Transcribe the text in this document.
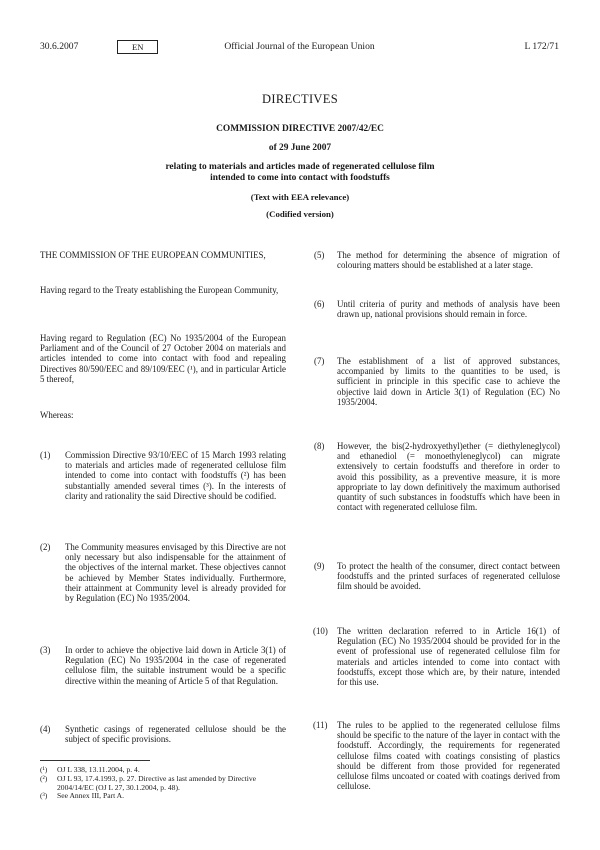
30.6.2007	EN	Official Journal of the European Union	L 172/71
DIRECTIVES
COMMISSION DIRECTIVE 2007/42/EC
of 29 June 2007
relating to materials and articles made of regenerated cellulose film intended to come into contact with foodstuffs
(Text with EEA relevance)
(Codified version)
THE COMMISSION OF THE EUROPEAN COMMUNITIES,
Having regard to the Treaty establishing the European Community,
Having regard to Regulation (EC) No 1935/2004 of the European Parliament and of the Council of 27 October 2004 on materials and articles intended to come into contact with food and repealing Directives 80/590/EEC and 89/109/EEC (¹), and in particular Article 5 thereof,
Whereas:
(1) Commission Directive 93/10/EEC of 15 March 1993 relating to materials and articles made of regenerated cellulose film intended to come into contact with foodstuffs (²) has been substantially amended several times (³). In the interests of clarity and rationality the said Directive should be codified.
(2) The Community measures envisaged by this Directive are not only necessary but also indispensable for the attainment of the objectives of the internal market. These objectives cannot be achieved by Member States individually. Furthermore, their attainment at Community level is already provided for by Regulation (EC) No 1935/2004.
(3) In order to achieve the objective laid down in Article 3(1) of Regulation (EC) No 1935/2004 in the case of regenerated cellulose film, the suitable instrument would be a specific directive within the meaning of Article 5 of that Regulation.
(4) Synthetic casings of regenerated cellulose should be the subject of specific provisions.
(5) The method for determining the absence of migration of colouring matters should be established at a later stage.
(6) Until criteria of purity and methods of analysis have been drawn up, national provisions should remain in force.
(7) The establishment of a list of approved substances, accompanied by limits to the quantities to be used, is sufficient in principle in this specific case to achieve the objective laid down in Article 3(1) of Regulation (EC) No 1935/2004.
(8) However, the bis(2-hydroxyethyl)ether (= diethyleneglycol) and ethanediol (= monoethyleneglycol) can migrate extensively to certain foodstuffs and therefore in order to avoid this possibility, as a preventive measure, it is more appropriate to lay down definitively the maximum authorised quantity of such substances in foodstuffs which have been in contact with regenerated cellulose film.
(9) To protect the health of the consumer, direct contact between foodstuffs and the printed surfaces of regenerated cellulose film should be avoided.
(10) The written declaration referred to in Article 16(1) of Regulation (EC) No 1935/2004 should be provided for in the event of professional use of regenerated cellulose film for materials and articles intended to come into contact with foodstuffs, except those which are, by their nature, intended for this use.
(11) The rules to be applied to the regenerated cellulose films should be specific to the nature of the layer in contact with the foodstuff. Accordingly, the requirements for regenerated cellulose films coated with coatings consisting of plastics should be different from those provided for regenerated cellulose films uncoated or coated with coatings derived from cellulose.
(¹) OJ L 338, 13.11.2004, p. 4.
(²) OJ L 93, 17.4.1993, p. 27. Directive as last amended by Directive 2004/14/EC (OJ L 27, 30.1.2004, p. 48).
(³) See Annex III, Part A.
